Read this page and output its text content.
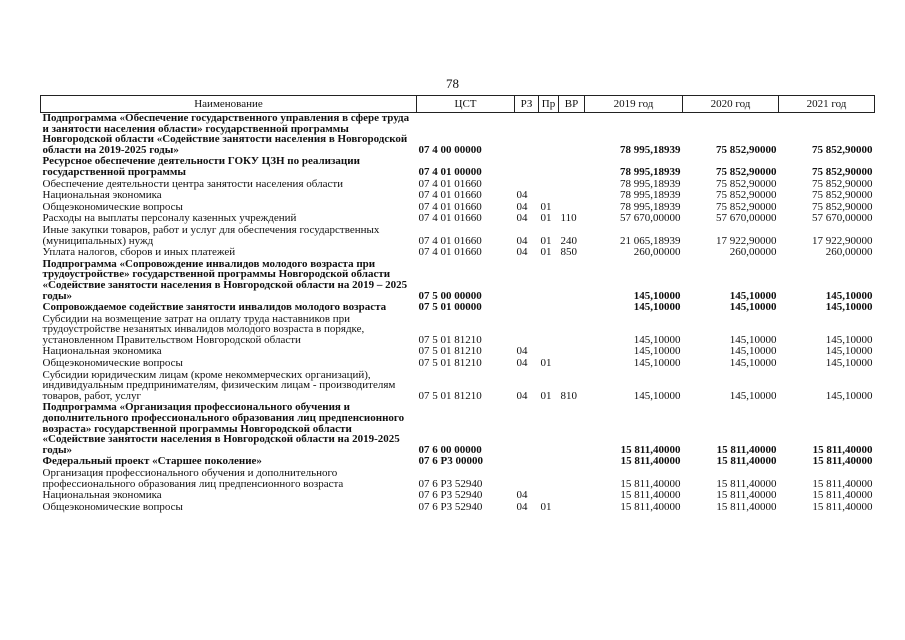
78
Наименование	ЦСТ	РЗ	Пр	ВР	2019 год	2020 год	2021 год
Подпрограмма «Обеспечение государственного управления в сфере труда и занятости населения области» государственной программы Новгородской области «Содействие занятости населения в Новгородской области на 2019-2025 годы»	07 4 00 00000				78 995,18939	75 852,90000	75 852,90000
Ресурсное обеспечение деятельности ГОКУ ЦЗН по реализации государственной программы	07 4 01 00000				78 995,18939	75 852,90000	75 852,90000
Обеспечение деятельности центра занятости населения области	07 4 01 01660				78 995,18939	75 852,90000	75 852,90000
Национальная экономика	07 4 01 01660	04			78 995,18939	75 852,90000	75 852,90000
Общеэкономические вопросы	07 4 01 01660	04	01		78 995,18939	75 852,90000	75 852,90000
Расходы на выплаты персоналу казенных учреждений	07 4 01 01660	04	01	110	57 670,00000	57 670,00000	57 670,00000
Иные закупки товаров, работ и услуг для обеспечения государственных (муниципальных) нужд	07 4 01 01660	04	01	240	21 065,18939	17 922,90000	17 922,90000
Уплата налогов, сборов и иных платежей	07 4 01 01660	04	01	850	260,00000	260,00000	260,00000
Подпрограмма «Сопровождение инвалидов молодого возраста при трудоустройстве» государственной программы Новгородской области «Содействие занятости населения в Новгородской области на 2019 – 2025 годы»	07 5 00 00000				145,10000	145,10000	145,10000
Сопровождаемое содействие занятости инвалидов молодого возраста	07 5 01 00000				145,10000	145,10000	145,10000
Субсидии на возмещение затрат на оплату труда наставников при трудоустройстве незанятых инвалидов молодого возраста в порядке, установленном Правительством Новгородской области	07 5 01 81210				145,10000	145,10000	145,10000
Национальная экономика	07 5 01 81210	04			145,10000	145,10000	145,10000
Общеэкономические вопросы	07 5 01 81210	04	01		145,10000	145,10000	145,10000
Субсидии юридическим лицам (кроме некоммерческих организаций), индивидуальным предпринимателям, физическим лицам - производителям товаров, работ, услуг	07 5 01 81210	04	01	810	145,10000	145,10000	145,10000
Подпрограмма «Организация профессионального обучения и дополнительного профессионального образования лиц предпенсионного возраста» государственной программы Новгородской области «Содействие занятости населения в Новгородской области на 2019-2025 годы»	07 6 00 00000				15 811,40000	15 811,40000	15 811,40000
Федеральный проект «Старшее поколение»	07 6 P3 00000				15 811,40000	15 811,40000	15 811,40000
Организация профессионального обучения и дополнительного профессионального образования лиц предпенсионного возраста	07 6 P3 52940				15 811,40000	15 811,40000	15 811,40000
Национальная экономика	07 6 P3 52940	04			15 811,40000	15 811,40000	15 811,40000
Общеэкономические вопросы	07 6 P3 52940	04	01		15 811,40000	15 811,40000	15 811,40000
